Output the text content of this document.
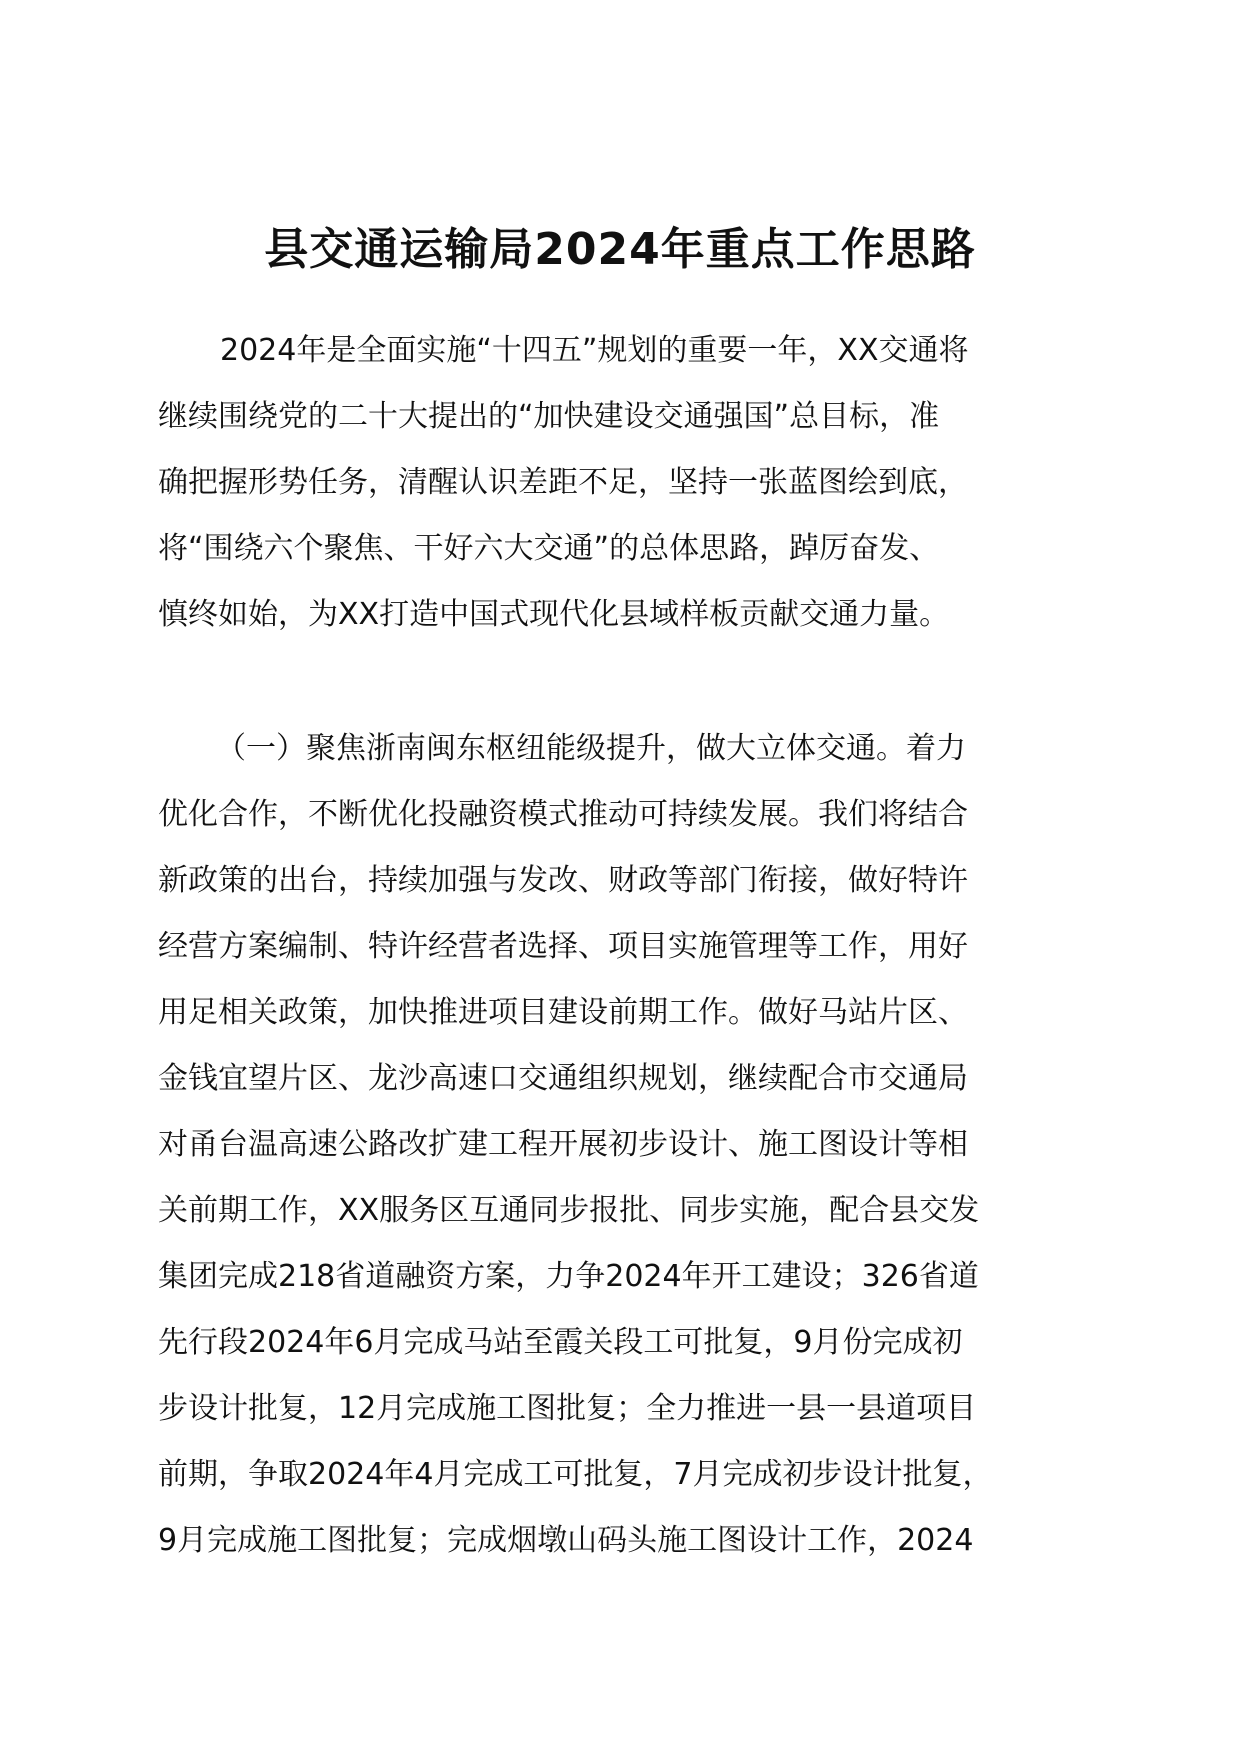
县交通运输局2024年重点工作思路
2024年是全面实施“十四五”规划的重要一年，XX交通将
继续围绕党的二十大提出的“加快建设交通强国”总目标，准
确把握形势任务，清醒认识差距不足，坚持一张蓝图绘到底，
将“围绕六个聚焦、干好六大交通”的总体思路，踔厉奋发、
慎终如始，为XX打造中国式现代化县域样板贡献交通力量。
（一）聚焦浙南闽东枢纽能级提升，做大立体交通。着力
优化合作，不断优化投融资模式推动可持续发展。我们将结合
新政策的出台，持续加强与发改、财政等部门衔接，做好特许
经营方案编制、特许经营者选择、项目实施管理等工作，用好
用足相关政策，加快推进项目建设前期工作。做好马站片区、
金钱宜望片区、龙沙高速口交通组织规划，继续配合市交通局
对甬台温高速公路改扩建工程开展初步设计、施工图设计等相
关前期工作，XX服务区互通同步报批、同步实施，配合县交发
集团完成218省道融资方案，力争2024年开工建设；326省道
先行段2024年6月完成马站至霞关段工可批复，9月份完成初
步设计批复，12月完成施工图批复；全力推进一县一县道项目
前期，争取2024年4月完成工可批复，7月完成初步设计批复，
9月完成施工图批复；完成烟墩山码头施工图设计工作，2024
